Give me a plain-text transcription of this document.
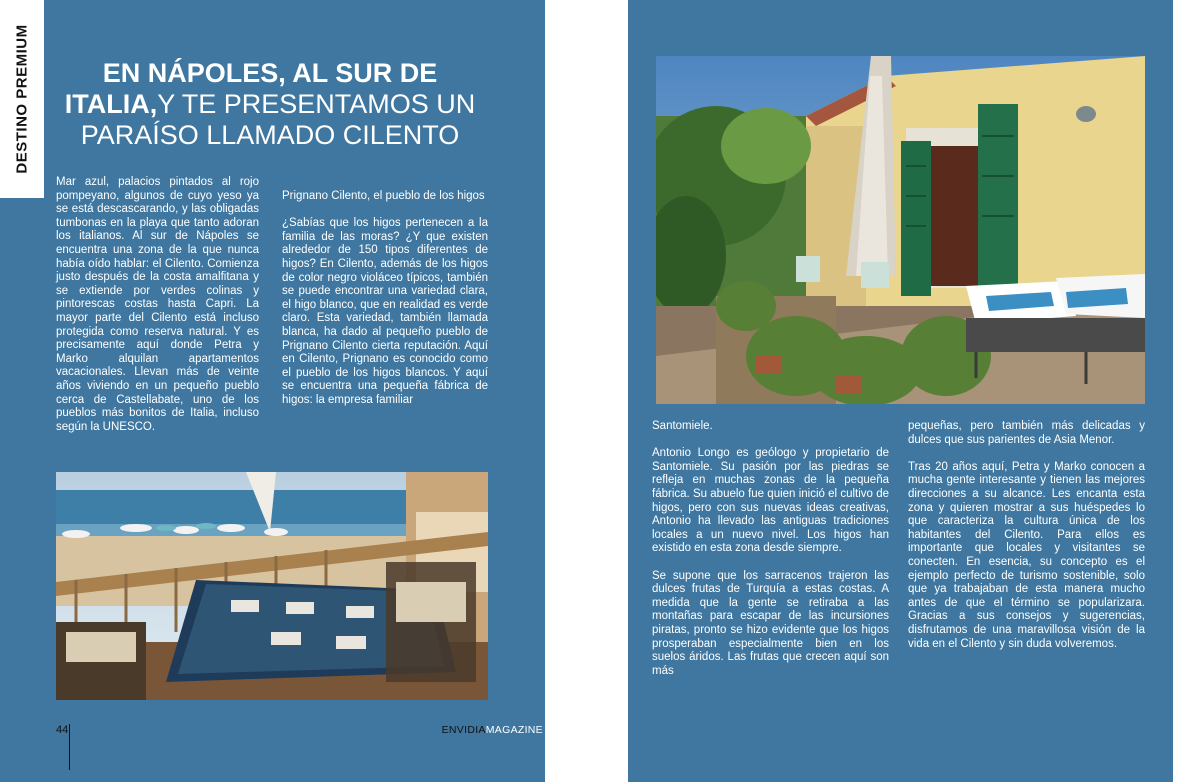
DESTINO PREMIUM	EN NÁPOLES, AL SUR DE
ITALIA,Y TE PRESENTAMOS UN
PARAÍSO LLAMADO CILENTO

Mar azul, palacios pintados al rojo pompeyano, algunos de cuyo yeso ya se está descascarando, y las obligadas tumbonas en la playa que tanto adoran los italianos. Al sur de Nápoles se encuentra una zona de la que nunca había oído hablar: el Cilento. Comienza justo después de la costa amalfitana y se extiende por verdes colinas y pintorescas costas hasta Capri. La mayor parte del Cilento está incluso protegida como reserva natural. Y es precisamente aquí donde Petra y Marko alquilan apartamentos vacacionales. Llevan más de veinte años viviendo en un pequeño pueblo cerca de Castellabate, uno de los pueblos más bonitos de Italia, incluso según la UNESCO.

Prignano Cilento, el pueblo de los higos

¿Sabías que los higos pertenecen a la familia de las moras? ¿Y que existen alrededor de 150 tipos diferentes de higos? En Cilento, además de los higos de color negro violáceo típicos, también se puede encontrar una variedad clara, el higo blanco, que en realidad es verde claro. Esta variedad, también llamada blanca, ha dado al pequeño pueblo de Prignano Cilento cierta reputación. Aquí en Cilento, Prignano es conocido como el pueblo de los higos blancos. Y aquí se encuentra una pequeña fábrica de higos: la empresa familiar

44	ENVIDIAMAGAZINE

Santomiele.

Antonio Longo es geólogo y propietario de Santomiele. Su pasión por las piedras se refleja en muchas zonas de la pequeña fábrica. Su abuelo fue quien inició el cultivo de higos, pero con sus nuevas ideas creativas, Antonio ha llevado las antiguas tradiciones locales a un nuevo nivel. Los higos han existido en esta zona desde siempre.

Se supone que los sarracenos trajeron las dulces frutas de Turquía a estas costas. A medida que la gente se retiraba a las montañas para escapar de las incursiones piratas, pronto se hizo evidente que los higos prosperaban especialmente bien en los suelos áridos. Las frutas que crecen aquí son más

pequeñas, pero también más delicadas y dulces que sus parientes de Asia Menor.

Tras 20 años aquí, Petra y Marko conocen a mucha gente interesante y tienen las mejores direcciones a su alcance. Les encanta esta zona y quieren mostrar a sus huéspedes lo que caracteriza la cultura única de los habitantes del Cilento. Para ellos es importante que locales y visitantes se conecten. En esencia, su concepto es el ejemplo perfecto de turismo sostenible, solo que ya trabajaban de esta manera mucho antes de que el término se popularizara. Gracias a sus consejos y sugerencias, disfrutamos de una maravillosa visión de la vida en el Cilento y sin duda volveremos.
